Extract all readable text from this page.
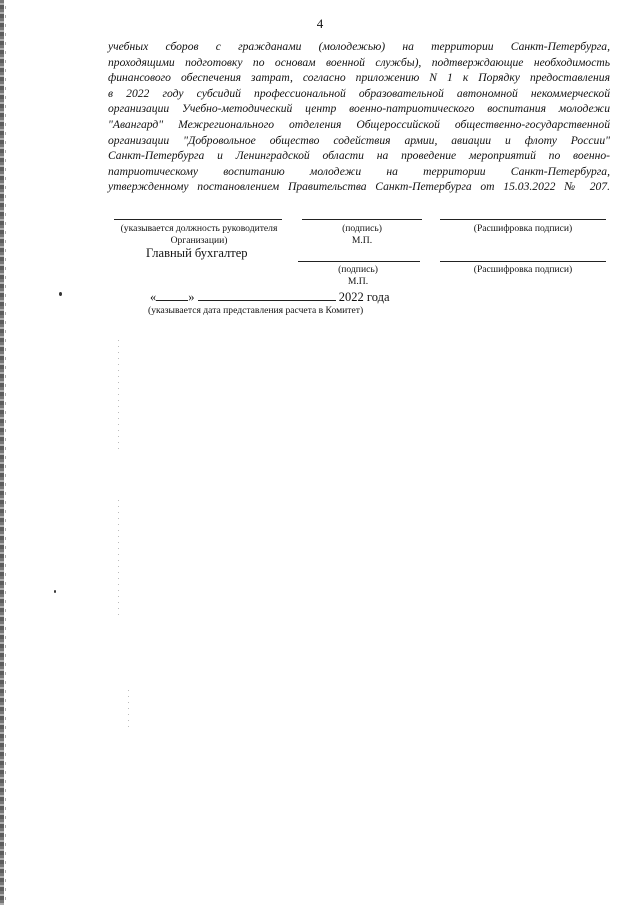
4
учебных сборов с гражданами (молодежью) на территории Санкт-Петербурга,
проходящими подготовку по основам военной службы), подтверждающие необходимость
финансового обеспечения затрат, согласно приложению N 1 к Порядку предоставления
в 2022 году субсидий профессиональной образовательной автономной некоммерческой
организации Учебно-методический центр военно-патриотического воспитания молодежи
"Авангард" Межрегионального отделения Общероссийской общественно-государственной
организации "Добровольное общество содействия армии, авиации и флоту России"
Санкт-Петербурга и Ленинградской области на проведение мероприятий по военно-
патриотическому воспитанию молодежи на территории Санкт-Петербурга,
утвержденному постановлением Правительства Санкт-Петербурга от 15.03.2022 № 207.
(указывается должность руководителя
Организации)
(подпись)
М.П.
(Расшифровка подписи)
Главный бухгалтер
(подпись)
М.П.
(Расшифровка подписи)
«	»	2022 года
(указывается дата представления расчета в Комитет)
